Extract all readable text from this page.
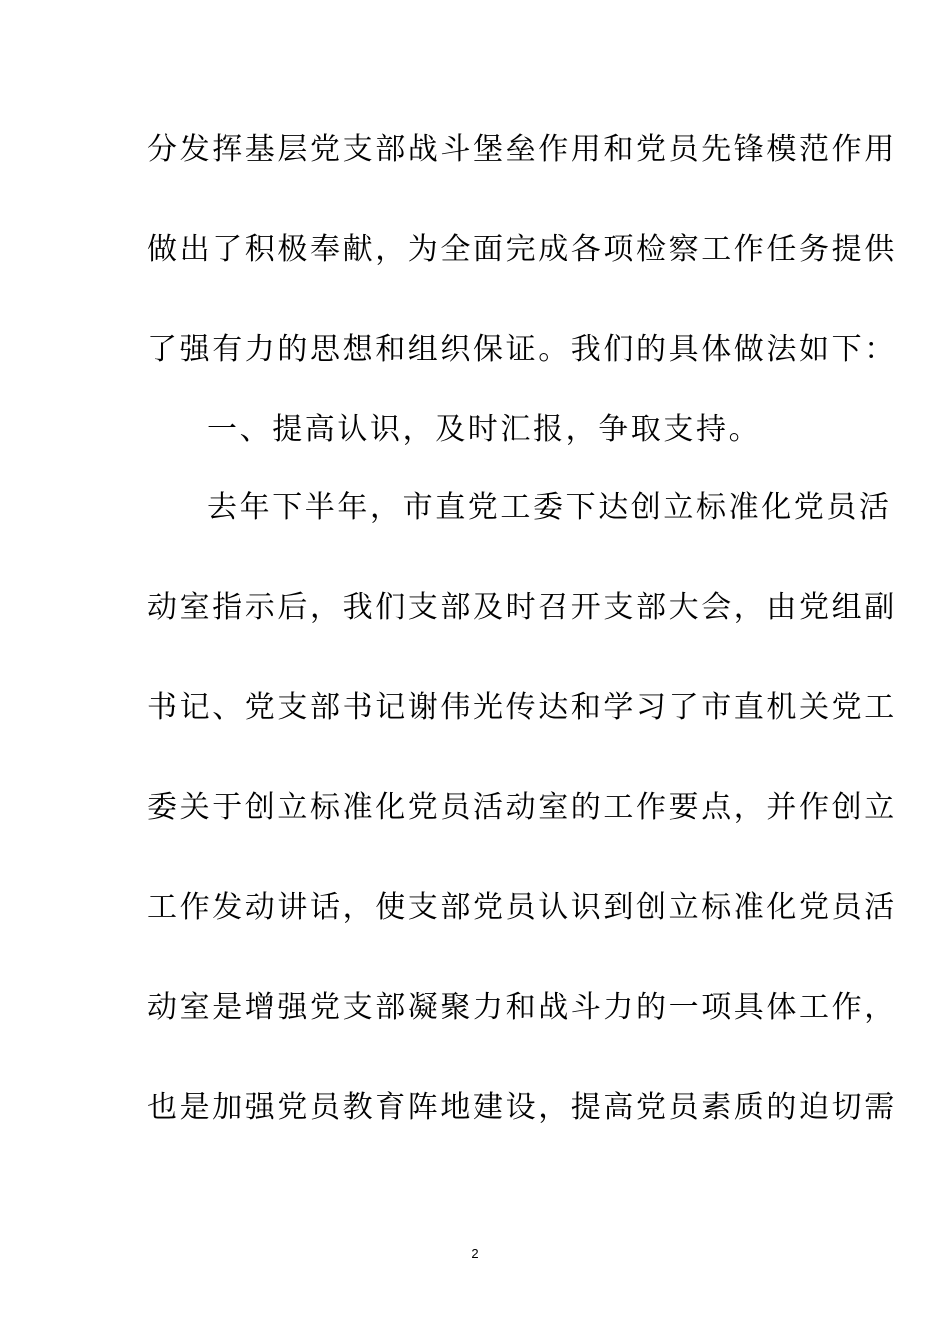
分发挥基层党支部战斗堡垒作用和党员先锋模范作用
做出了积极奉献，为全面完成各项检察工作任务提供
了强有力的思想和组织保证。我们的具体做法如下：
一、提高认识，及时汇报，争取支持。
去年下半年，市直党工委下达创立标准化党员活
动室指示后，我们支部及时召开支部大会，由党组副
书记、党支部书记谢伟光传达和学习了市直机关党工
委关于创立标准化党员活动室的工作要点，并作创立
工作发动讲话，使支部党员认识到创立标准化党员活
动室是增强党支部凝聚力和战斗力的一项具体工作，
也是加强党员教育阵地建设，提高党员素质的迫切需
2
